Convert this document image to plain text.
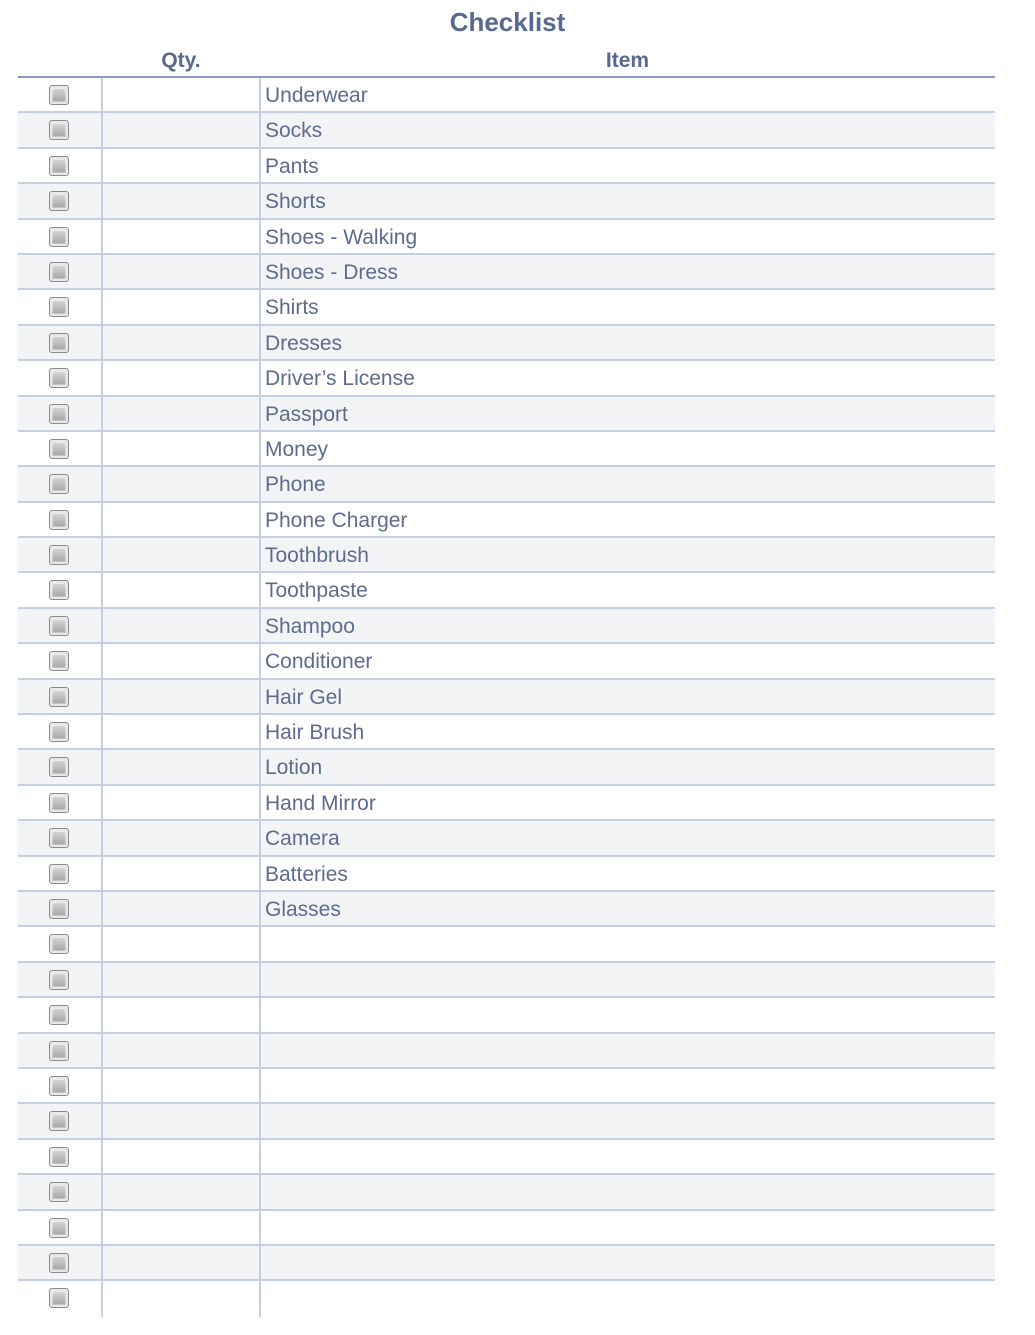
Checklist
Qty.	Item
Underwear
Socks
Pants
Shorts
Shoes - Walking
Shoes - Dress
Shirts
Dresses
Driver’s License
Passport
Money
Phone
Phone Charger
Toothbrush
Toothpaste
Shampoo
Conditioner
Hair Gel
Hair Brush
Lotion
Hand Mirror
Camera
Batteries
Glasses
